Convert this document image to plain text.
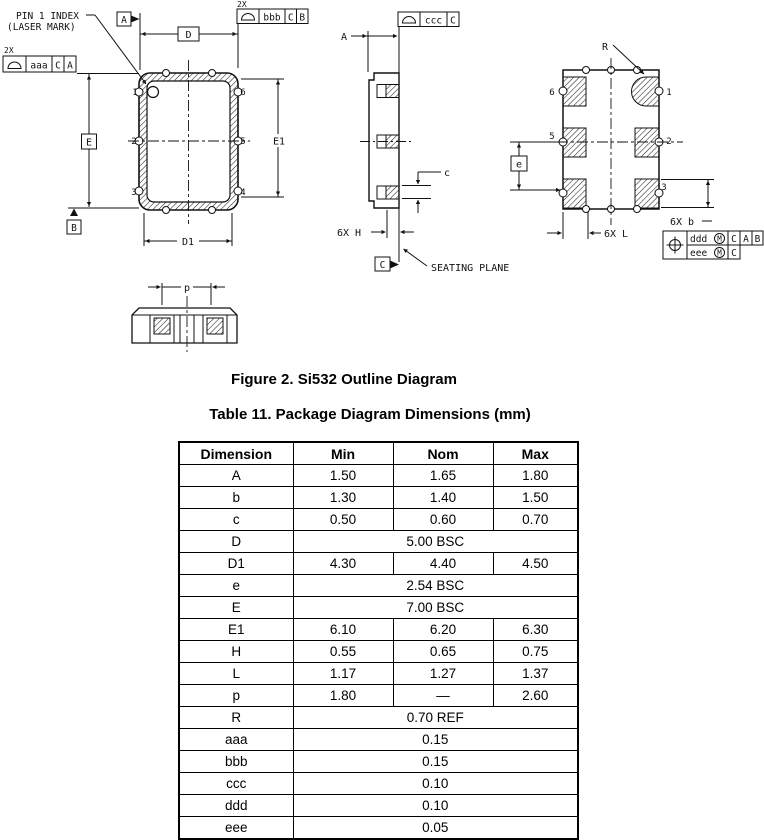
1
2
3
6
5
4
PIN 1 INDEX
(LASER MARK)
D
A
2X
bbb C B
2X
aaa C A
E
B
E1
D1
A
ccc C
c
6X H
C	SEATING PLANE
R
6
5
1
2
3
e
6X b
6X L	ddd M C A B
eee M C
p
Figure 2. Si532 Outline Diagram
Table 11. Package Diagram Dimensions (mm)
Dimension	Min	Nom	Max
A	1.50	1.65	1.80
b	1.30	1.40	1.50
c	0.50	0.60	0.70
D	5.00 BSC		
D1	4.30	4.40	4.50
e	2.54 BSC		
E	7.00 BSC		
E1	6.10	6.20	6.30
H	0.55	0.65	0.75
L	1.17	1.27	1.37
p	1.80	—	2.60
R	0.70 REF		
aaa	0.15		
bbb	0.15		
ccc	0.10		
ddd	0.10		
eee	0.05		
